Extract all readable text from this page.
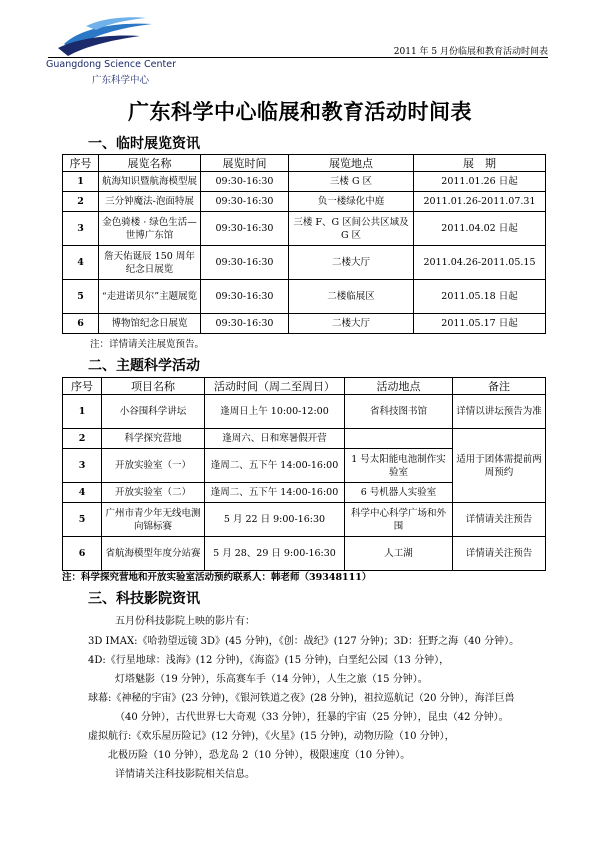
Guangdong Science Center
广东科学中心
2011 年 5 月份临展和教育活动时间表
广东科学中心临展和教育活动时间表
一、临时展览资讯
序号	展览名称	展览时间	展览地点	展　期
1	航海知识暨航海模型展	09:30-16:30	三楼 G 区	2011.01.26 日起
2	三分钟魔法-泡面特展	09:30-16:30	负一楼绿化中庭	2011.01.26-2011.07.31
3	金色骑楼 · 绿色生活—世博广东馆	09:30-16:30	三楼 F、G 区间公共区域及 G 区	2011.04.02 日起
4	詹天佑诞辰 150 周年纪念日展览	09:30-16:30	二楼大厅	2011.04.26-2011.05.15
5	“走进诺贝尔”主题展览	09:30-16:30	二楼临展区	2011.05.18 日起
6	博物馆纪念日展览	09:30-16:30	二楼大厅	2011.05.17 日起
注：详情请关注展览预告。
二、主题科学活动
序号	项目名称	活动时间（周二至周日）	活动地点	备注
1	小谷围科学讲坛	逢周日上午 10:00-12:00	省科技图书馆	详情以讲坛预告为准
2	科学探究营地	逢周六、日和寒暑假开营		适用于团体需提前两周预约
3	开放实验室（一）	逢周二、五下午 14:00-16:00	1 号太阳能电池制作实验室	
4	开放实验室（二）	逢周二、五下午 14:00-16:00	6 号机器人实验室	
5	广州市青少年无线电测向锦标赛	5 月 22 日 9:00-16:30	科学中心科学广场和外围	详情请关注预告
6	省航海模型年度分站赛	5 月 28、29 日 9:00-16:30	人工湖	详情请关注预告
注：科学探究营地和开放实验室活动预约联系人：韩老师（39348111）
三、科技影院资讯
五月份科技影院上映的影片有：
3D IMAX:《哈勃望远镜 3D》(45 分钟)，《创：战纪》(127 分钟)；3D：狂野之海（40 分钟）。
4D:《行星地球：浅海》(12 分钟)，《海盗》(15 分钟)，白垩纪公园（13 分钟），
灯塔魅影（19 分钟），乐高赛车手（14 分钟），人生之旅（15 分钟）。
球幕:《神秘的宇宙》(23 分钟)，《银河铁道之夜》(28 分钟)，祖拉巡航记（20 分钟），海洋巨兽
（40 分钟），古代世界七大奇观（33 分钟），狂暴的宇宙（25 分钟），昆虫（42 分钟）。
虚拟航行:《欢乐屋历险记》(12 分钟)，《火星》(15 分钟)，动物历险（10 分钟），
北极历险（10 分钟），恐龙岛 2（10 分钟），极限速度（10 分钟）。
详情请关注科技影院相关信息。
